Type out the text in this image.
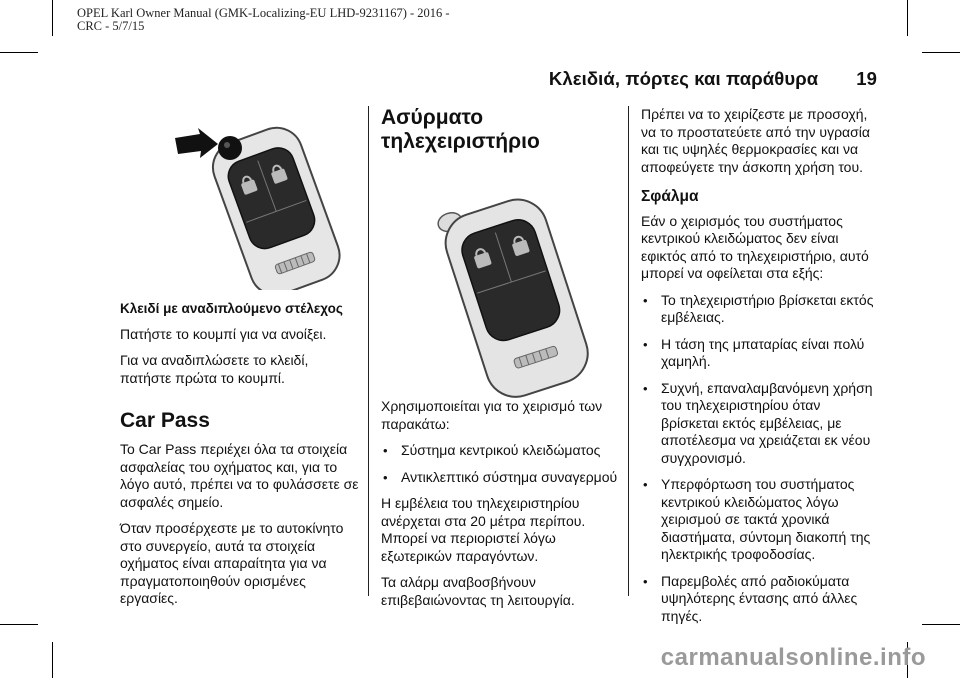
OPEL Karl Owner Manual (GMK-Localizing-EU LHD-9231167) - 2016 -
CRC - 5/7/15
Κλειδιά, πόρτες και παράθυρα 19

Κλειδί με αναδιπλούμενο στέλεχος

Πατήστε το κουμπί για να ανοίξει.

Για να αναδιπλώσετε το κλειδί, πατήστε πρώτα το κουμπί.

Car Pass

To Car Pass περιέχει όλα τα στοιχεία ασφαλείας του οχήματος και, για το λόγο αυτό, πρέπει να το φυλάσσετε σε ασφαλές σημείο.

Όταν προσέρχεστε με το αυτοκίνητο στο συνεργείο, αυτά τα στοιχεία οχήματος είναι απαραίτητα για να πραγματοποιηθούν ορισμένες εργασίες.

Ασύρματο τηλεχειριστήριο

Χρησιμοποιείται για το χειρισμό των παρακάτω:

• Σύστημα κεντρικού κλειδώματος
• Αντικλεπτικό σύστημα συναγερμού

Η εμβέλεια του τηλεχειριστηρίου ανέρχεται στα 20 μέτρα περίπου. Μπορεί να περιοριστεί λόγω εξωτερικών παραγόντων.

Τα αλάρμ αναβοσβήνουν επιβεβαιώνοντας τη λειτουργία.

Πρέπει να το χειρίζεστε με προσοχή, να το προστατεύετε από την υγρασία και τις υψηλές θερμοκρασίες και να αποφεύγετε την άσκοπη χρήση του.

Σφάλμα

Εάν ο χειρισμός του συστήματος κεντρικού κλειδώματος δεν είναι εφικτός από το τηλεχειριστήριο, αυτό μπορεί να οφείλεται στα εξής:

• Το τηλεχειριστήριο βρίσκεται εκτός εμβέλειας.
• Η τάση της μπαταρίας είναι πολύ χαμηλή.
• Συχνή, επαναλαμβανόμενη χρήση του τηλεχειριστηρίου όταν βρίσκεται εκτός εμβέλειας, με αποτέλεσμα να χρειάζεται εκ νέου συγχρονισμό.
• Υπερφόρτωση του συστήματος κεντρικού κλειδώματος λόγω χειρισμού σε τακτά χρονικά διαστήματα, σύντομη διακοπή της ηλεκτρικής τροφοδοσίας.
• Παρεμβολές από ραδιοκύματα υψηλότερης έντασης από άλλες πηγές.
carmanualsonline.info
